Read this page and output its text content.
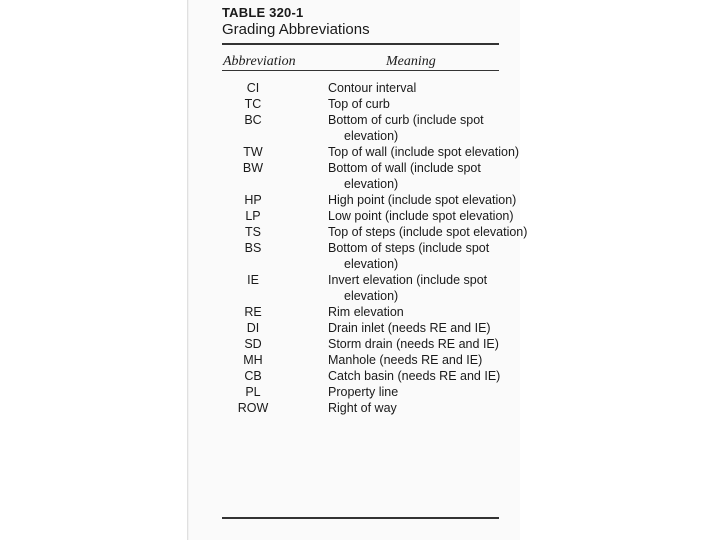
TABLE 320-1
Grading Abbreviations
Abbreviation	Meaning
CI	Contour interval
TC	Top of curb
BC	Bottom of curb (include spot elevation)
TW	Top of wall (include spot elevation)
BW	Bottom of wall (include spot elevation)
HP	High point (include spot elevation)
LP	Low point (include spot elevation)
TS	Top of steps (include spot elevation)
BS	Bottom of steps (include spot elevation)
IE	Invert elevation (include spot elevation)
RE	Rim elevation
DI	Drain inlet (needs RE and IE)
SD	Storm drain (needs RE and IE)
MH	Manhole (needs RE and IE)
CB	Catch basin (needs RE and IE)
PL	Property line
ROW	Right of way
